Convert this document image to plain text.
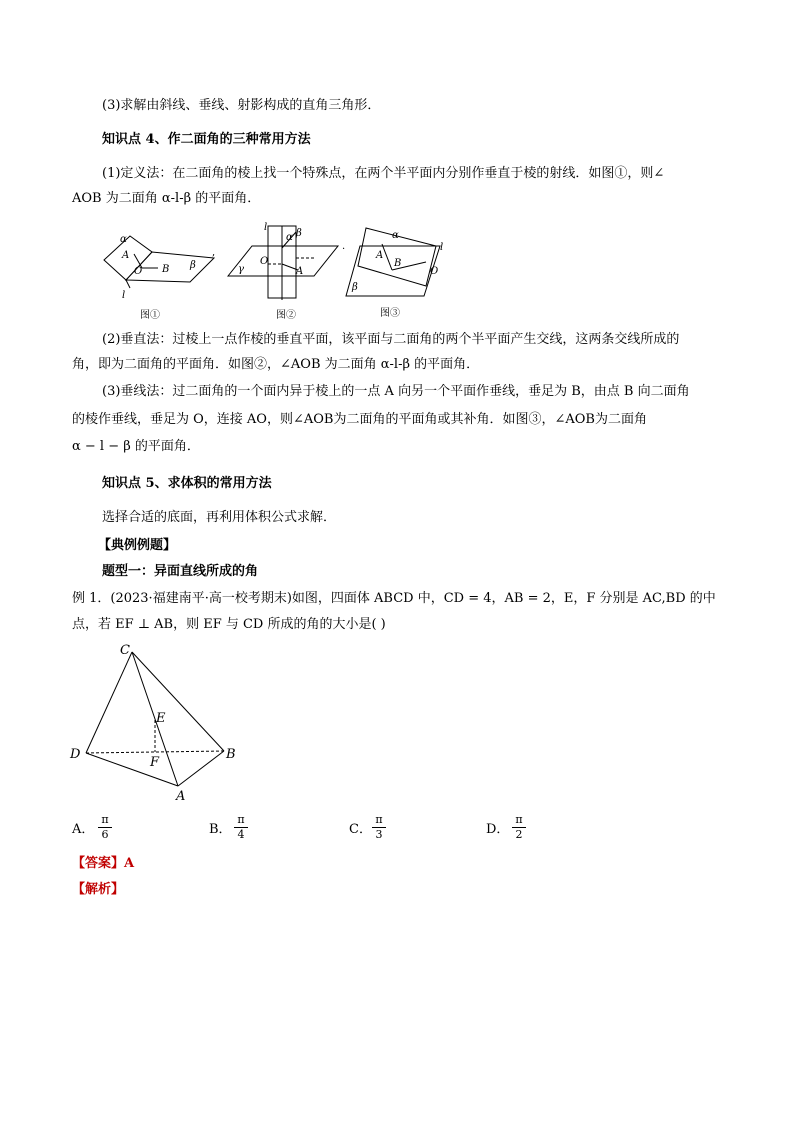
(3)求解由斜线、垂线、射影构成的直角三角形．
知识点 4、作二面角的三种常用方法
(1)定义法：在二面角的棱上找一个特殊点，在两个半平面内分别作垂直于棱的射线．如图①，则∠
AOB 为二面角 α-l-β 的平面角．
α
β
A
O B
l
图①
,
l
α β
γ
O
A
图②
.
α
β
l
A
B
O
图③
(2)垂直法：过棱上一点作棱的垂直平面，该平面与二面角的两个半平面产生交线，这两条交线所成的
角，即为二面角的平面角．如图②，∠AOB 为二面角 α-l-β 的平面角．
(3)垂线法：过二面角的一个面内异于棱上的一点 A 向另一个平面作垂线，垂足为 B，由点 B 向二面角
的棱作垂线，垂足为 O，连接 AO，则∠AOB为二面角的平面角或其补角．如图③，∠AOB为二面角
α − l − β 的平面角．
知识点 5、求体积的常用方法
选择合适的底面，再利用体积公式求解．
【典例例题】
题型一：异面直线所成的角
例 1．(2023·福建南平·高一校考期末)如图，四面体 ABCD 中，CD = 4，AB = 2，E，F 分别是 AC,BD 的中
点，若 EF ⊥ AB，则 EF 与 CD 所成的角的大小是( )
C
E
D	B
F
A
A．
π
6	B．
π
4	C．
π
3	D．
π
2
【答案】A
【解析】
